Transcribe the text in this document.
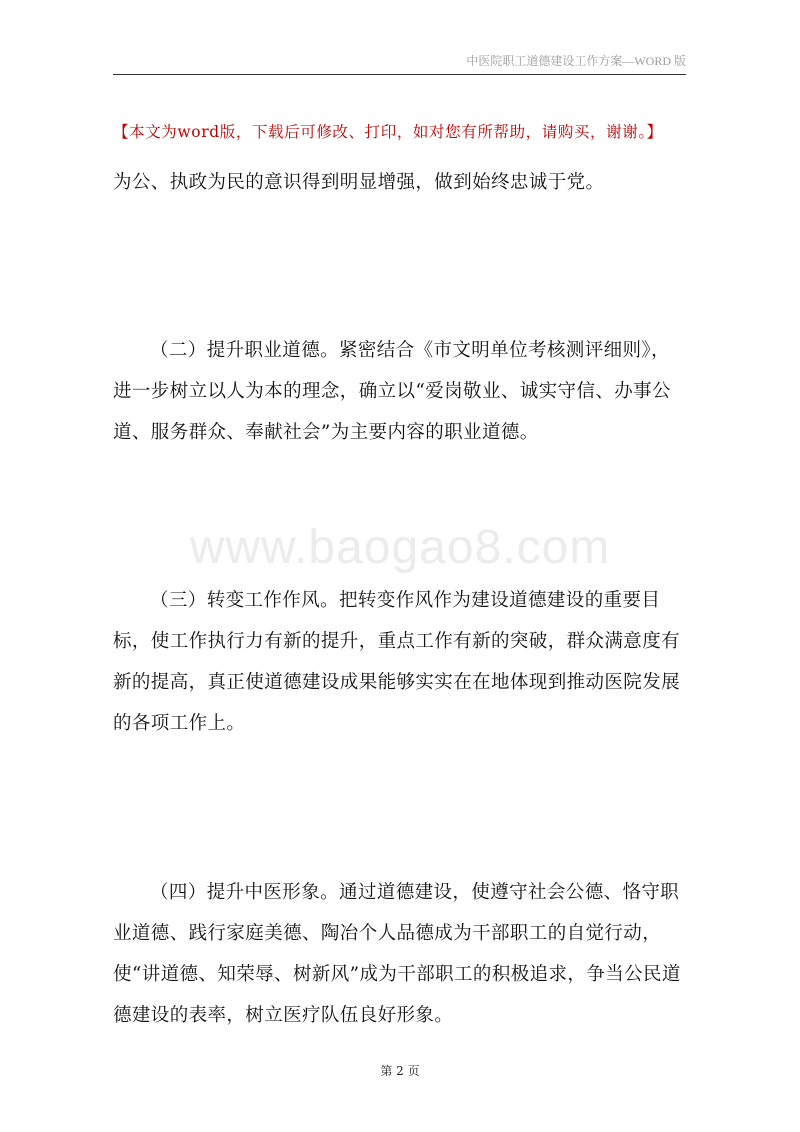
中医院职工道德建设工作方案—WORD 版
【本文为word版，下载后可修改、打印，如对您有所帮助，请购买，谢谢。】

为公、执政为民的意识得到明显增强，做到始终忠诚于党。

（二）提升职业道德。紧密结合《市文明单位考核测评细则》，进一步树立以人为本的理念，确立以“爱岗敬业、诚实守信、办事公道、服务群众、奉献社会”为主要内容的职业道德。

www.baogao8.com

（三）转变工作作风。把转变作风作为建设道德建设的重要目标，使工作执行力有新的提升，重点工作有新的突破，群众满意度有新的提高，真正使道德建设成果能够实实在在地体现到推动医院发展的各项工作上。

（四）提升中医形象。通过道德建设，使遵守社会公德、恪守职业道德、践行家庭美德、陶冶个人品德成为干部职工的自觉行动，使“讲道德、知荣辱、树新风”成为干部职工的积极追求，争当公民道德建设的表率，树立医疗队伍良好形象。

第 2 页
